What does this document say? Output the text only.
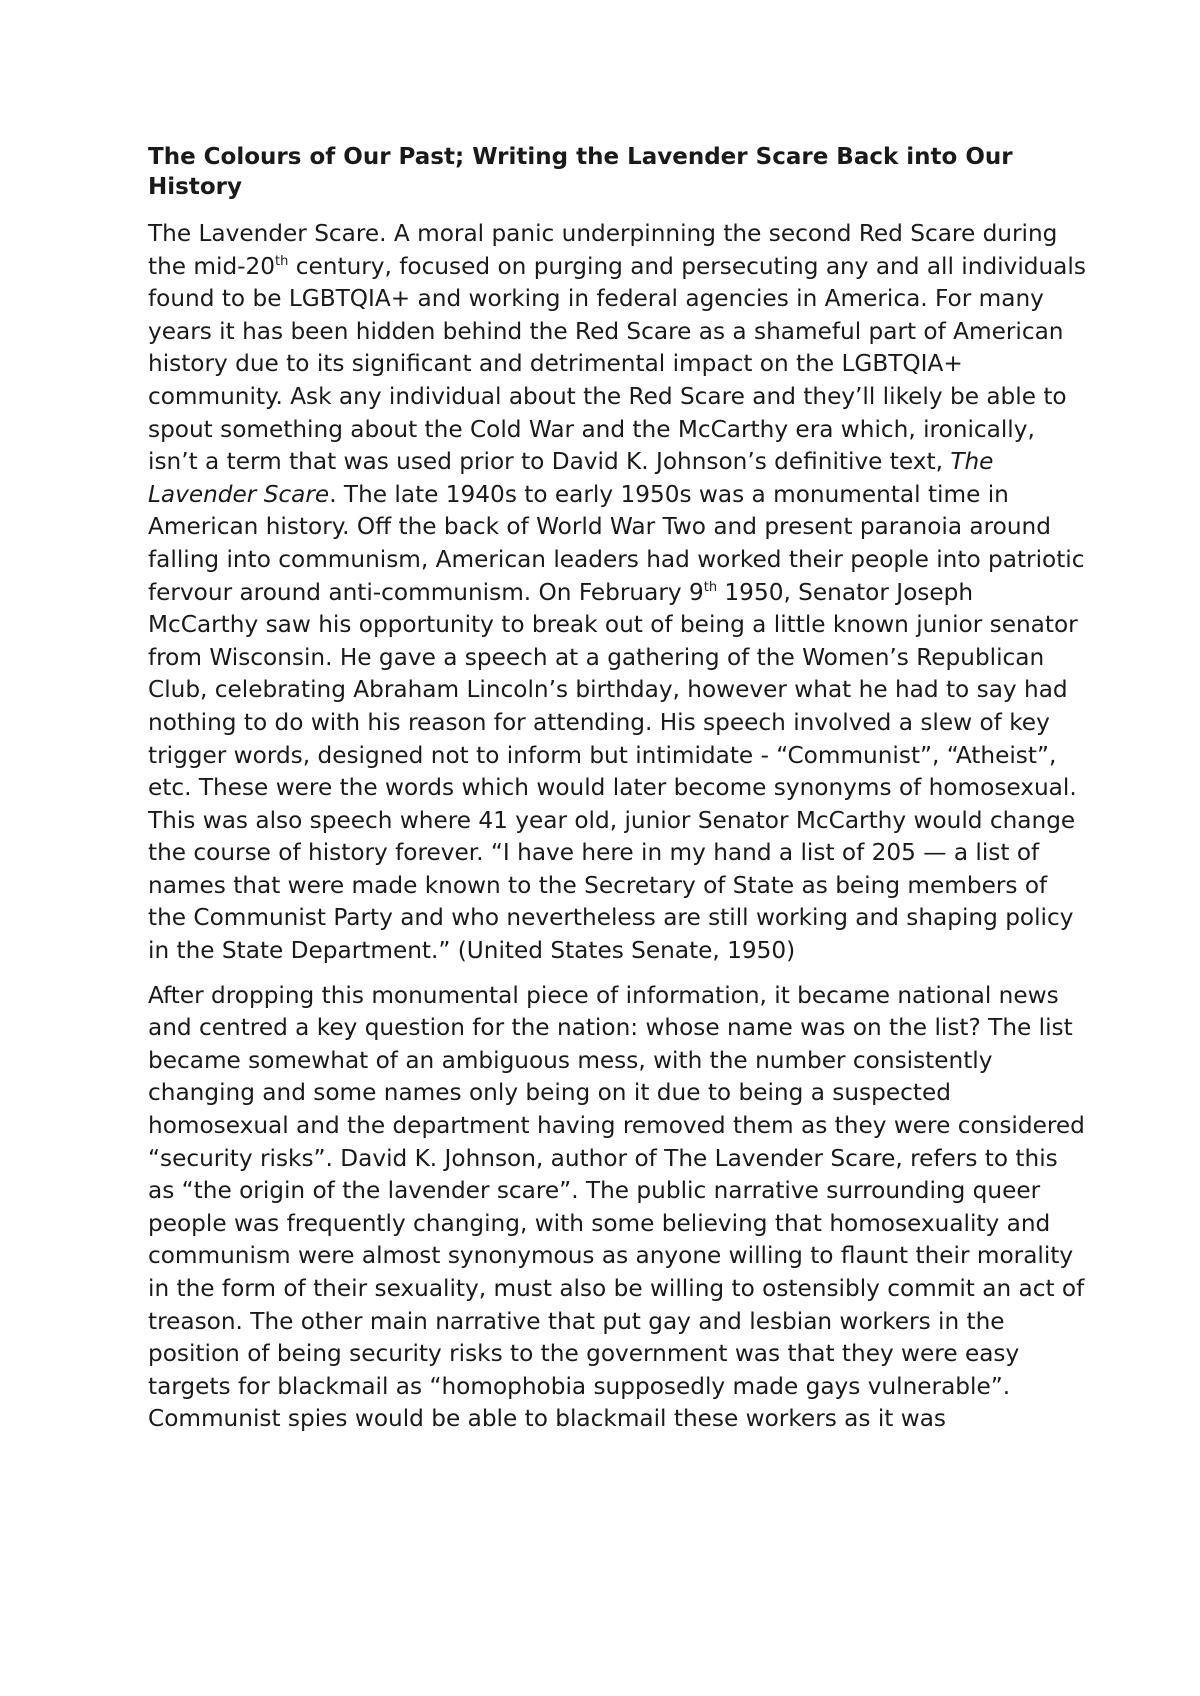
The Colours of Our Past; Writing the Lavender Scare Back into Our History
The Lavender Scare. A moral panic underpinning the second Red Scare during the mid-20th century, focused on purging and persecuting any and all individuals found to be LGBTQIA+ and working in federal agencies in America. For many years it has been hidden behind the Red Scare as a shameful part of American history due to its significant and detrimental impact on the LGBTQIA+ community. Ask any individual about the Red Scare and they’ll likely be able to spout something about the Cold War and the McCarthy era which, ironically, isn’t a term that was used prior to David K. Johnson’s definitive text, The Lavender Scare. The late 1940s to early 1950s was a monumental time in American history. Off the back of World War Two and present paranoia around falling into communism, American leaders had worked their people into patriotic fervour around anti-communism. On February 9th 1950, Senator Joseph McCarthy saw his opportunity to break out of being a little known junior senator from Wisconsin. He gave a speech at a gathering of the Women’s Republican Club, celebrating Abraham Lincoln’s birthday, however what he had to say had nothing to do with his reason for attending. His speech involved a slew of key trigger words, designed not to inform but intimidate - “Communist”, “Atheist”, etc. These were the words which would later become synonyms of homosexual. This was also speech where 41 year old, junior Senator McCarthy would change the course of history forever. “I have here in my hand a list of 205 — a list of names that were made known to the Secretary of State as being members of the Communist Party and who nevertheless are still working and shaping policy in the State Department.” (United States Senate, 1950)
After dropping this monumental piece of information, it became national news and centred a key question for the nation: whose name was on the list? The list became somewhat of an ambiguous mess, with the number consistently changing and some names only being on it due to being a suspected homosexual and the department having removed them as they were considered “security risks”. David K. Johnson, author of The Lavender Scare, refers to this as “the origin of the lavender scare”. The public narrative surrounding queer people was frequently changing, with some believing that homosexuality and communism were almost synonymous as anyone willing to flaunt their morality in the form of their sexuality, must also be willing to ostensibly commit an act of treason. The other main narrative that put gay and lesbian workers in the position of being security risks to the government was that they were easy targets for blackmail as “homophobia supposedly made gays vulnerable”. Communist spies would be able to blackmail these workers as it was
